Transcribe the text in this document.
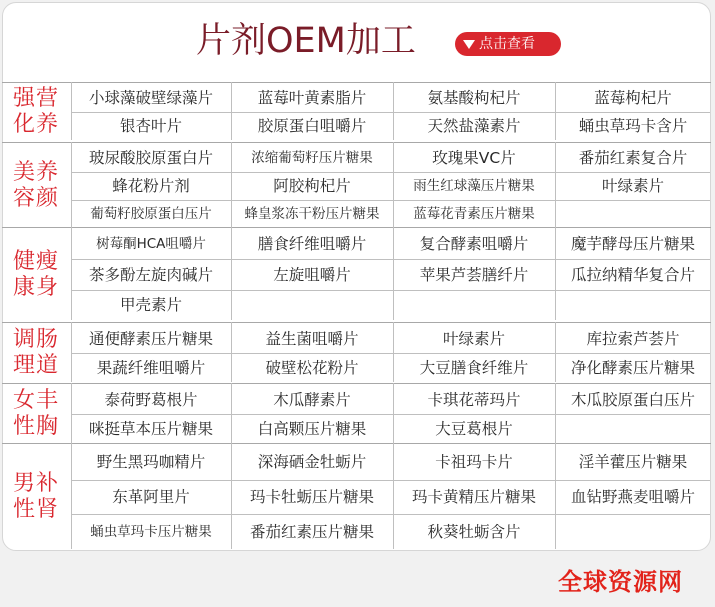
片剂OEM加工	点击查看
强营
化养
小球藻破壁绿藻片	蓝莓叶黄素脂片	氨基酸枸杞片	蓝莓枸杞片
银杏叶片	胶原蛋白咀嚼片	天然盐藻素片	蛹虫草玛卡含片
美养
容颜
玻尿酸胶原蛋白片	浓缩葡萄籽压片糖果	玫瑰果VC片	番茄红素复合片
蜂花粉片剂	阿胶枸杞片	雨生红球藻压片糖果	叶绿素片
葡萄籽胶原蛋白压片	蜂皇浆冻干粉压片糖果	蓝莓花青素压片糖果
健瘦
康身
树莓酮HCA咀嚼片	膳食纤维咀嚼片	复合酵素咀嚼片	魔芋酵母压片糖果
茶多酚左旋肉碱片	左旋咀嚼片	苹果芦荟膳纤片	瓜拉纳精华复合片
甲壳素片
调肠
理道
通便酵素压片糖果	益生菌咀嚼片	叶绿素片	库拉索芦荟片
果蔬纤维咀嚼片	破壁松花粉片	大豆膳食纤维片	净化酵素压片糖果
女丰
性胸
泰荷野葛根片	木瓜酵素片	卡琪花蒂玛片	木瓜胶原蛋白压片
咪挺草本压片糖果	白高颗压片糖果	大豆葛根片
男补
性肾
野生黑玛咖精片	深海硒金牡蛎片	卡祖玛卡片	淫羊藿压片糖果
东革阿里片	玛卡牡蛎压片糖果	玛卡黄精压片糖果	血钻野燕麦咀嚼片
蛹虫草玛卡压片糖果	番茄红素压片糖果	秋葵牡蛎含片
全球资源网
